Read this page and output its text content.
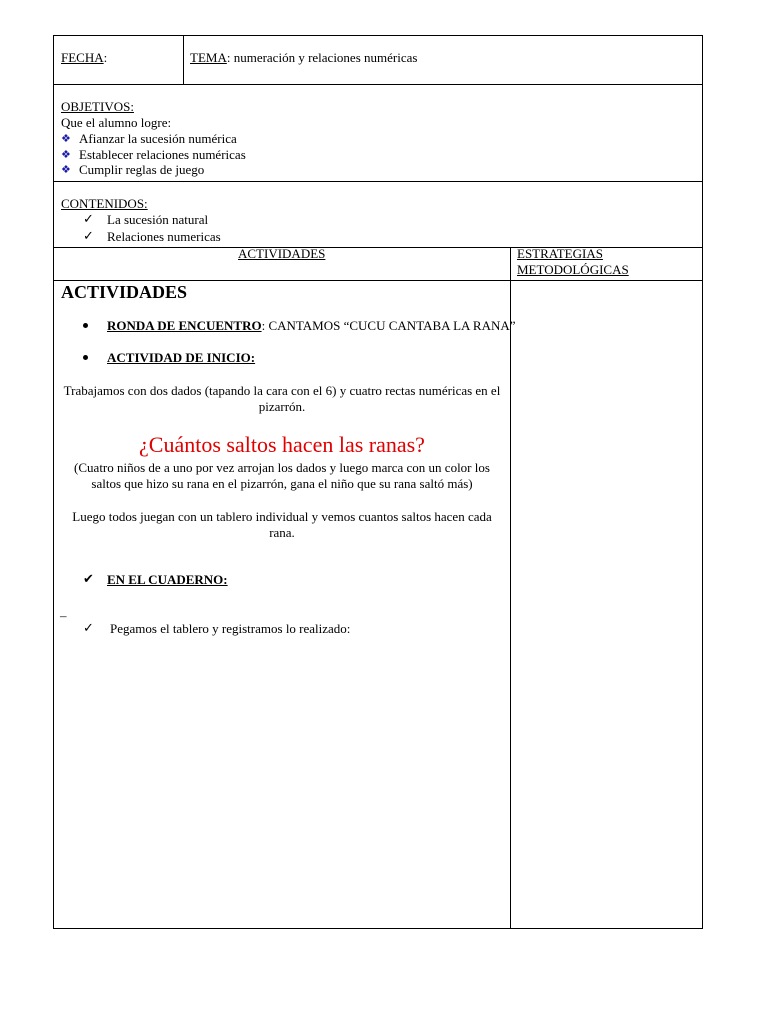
FECHA:	TEMA: numeración y relaciones numéricas
OBJETIVOS:
Que el alumno logre:
❖ Afianzar la sucesión numérica
❖ Establecer relaciones numéricas
❖ Cumplir reglas de juego
CONTENIDOS:
✓ La sucesión natural
✓ Relaciones numericas
ACTIVIDADES	ESTRATEGIAS
METODOLÓGICAS
ACTIVIDADES
RONDA DE ENCUENTRO: CANTAMOS “CUCU CANTABA LA RANA”
ACTIVIDAD DE INICIO:
Trabajamos con dos dados (tapando la cara con el 6) y cuatro rectas numéricas en el pizarrón.
¿Cuántos saltos hacen las ranas?
(Cuatro niños de a uno por vez arrojan los dados y luego marca con un color los saltos que hizo su rana en el pizarrón, gana el niño que su rana saltó más)
Luego todos juegan con un tablero individual y vemos cuantos saltos hacen cada rana.
✔ EN EL CUADERNO:
–
✓ Pegamos el tablero y registramos lo realizado:
